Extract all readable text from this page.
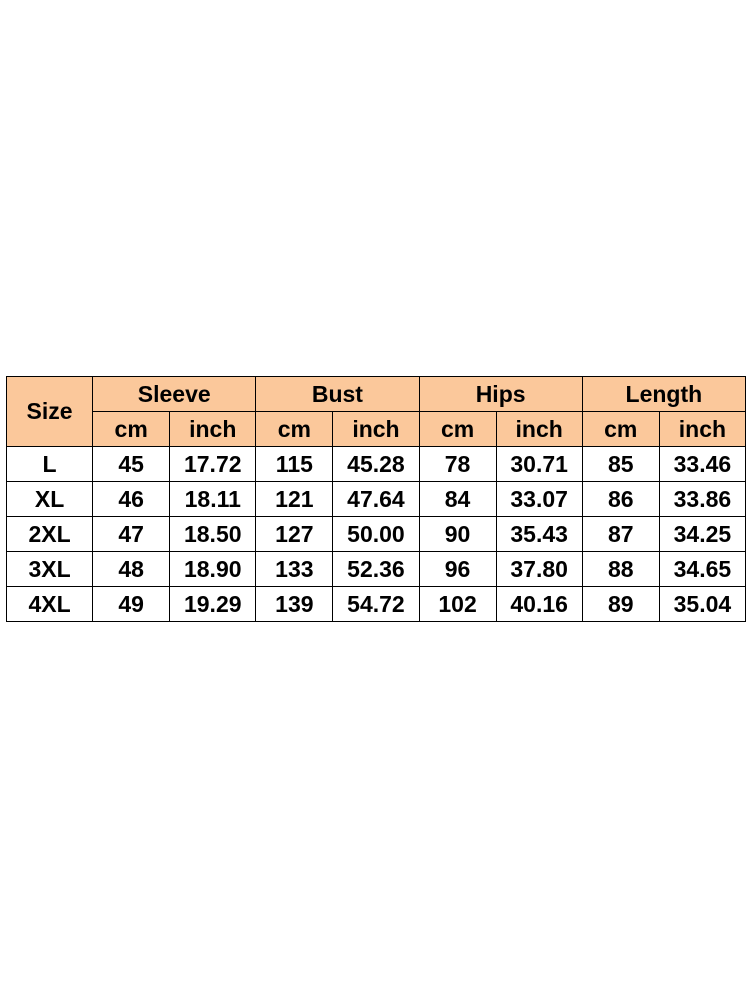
Size	Sleeve		Bust		Hips		Length	
	cm	inch	cm	inch	cm	inch	cm	inch
L	45	17.72	115	45.28	78	30.71	85	33.46
XL	46	18.11	121	47.64	84	33.07	86	33.86
2XL	47	18.50	127	50.00	90	35.43	87	34.25
3XL	48	18.90	133	52.36	96	37.80	88	34.65
4XL	49	19.29	139	54.72	102	40.16	89	35.04
